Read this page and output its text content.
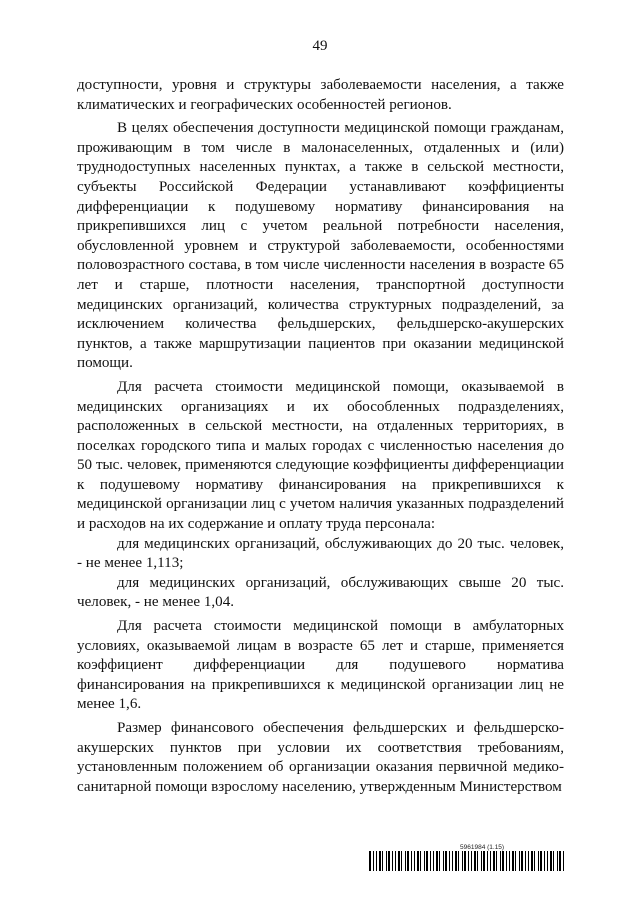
49

доступности, уровня и структуры заболеваемости населения, а также климатических и географических особенностей регионов.

В целях обеспечения доступности медицинской помощи гражданам, проживающим в том числе в малонаселенных, отдаленных и (или) труднодоступных населенных пунктах, а также в сельской местности, субъекты Российской Федерации устанавливают коэффициенты дифференциации к подушевому нормативу финансирования на прикрепившихся лиц с учетом реальной потребности населения, обусловленной уровнем и структурой заболеваемости, особенностями половозрастного состава, в том числе численности населения в возрасте 65 лет и старше, плотности населения, транспортной доступности медицинских организаций, количества структурных подразделений, за исключением количества фельдшерских, фельдшерско-акушерских пунктов, а также маршрутизации пациентов при оказании медицинской помощи.

Для расчета стоимости медицинской помощи, оказываемой в медицинских организациях и их обособленных подразделениях, расположенных в сельской местности, на отдаленных территориях, в поселках городского типа и малых городах с численностью населения до 50 тыс. человек, применяются следующие коэффициенты дифференциации к подушевому нормативу финансирования на прикрепившихся к медицинской организации лиц с учетом наличия указанных подразделений и расходов на их содержание и оплату труда персонала:

для медицинских организаций, обслуживающих до 20 тыс. человек, - не менее 1,113;

для медицинских организаций, обслуживающих свыше 20 тыс. человек, - не менее 1,04.

Для расчета стоимости медицинской помощи в амбулаторных условиях, оказываемой лицам в возрасте 65 лет и старше, применяется коэффициент дифференциации для подушевого норматива финансирования на прикрепившихся к медицинской организации лиц не менее 1,6.

Размер финансового обеспечения фельдшерских и фельдшерско-акушерских пунктов при условии их соответствия требованиям, установленным положением об организации оказания первичной медико-санитарной помощи взрослому населению, утвержденным Министерством

5961984 (1.15)
